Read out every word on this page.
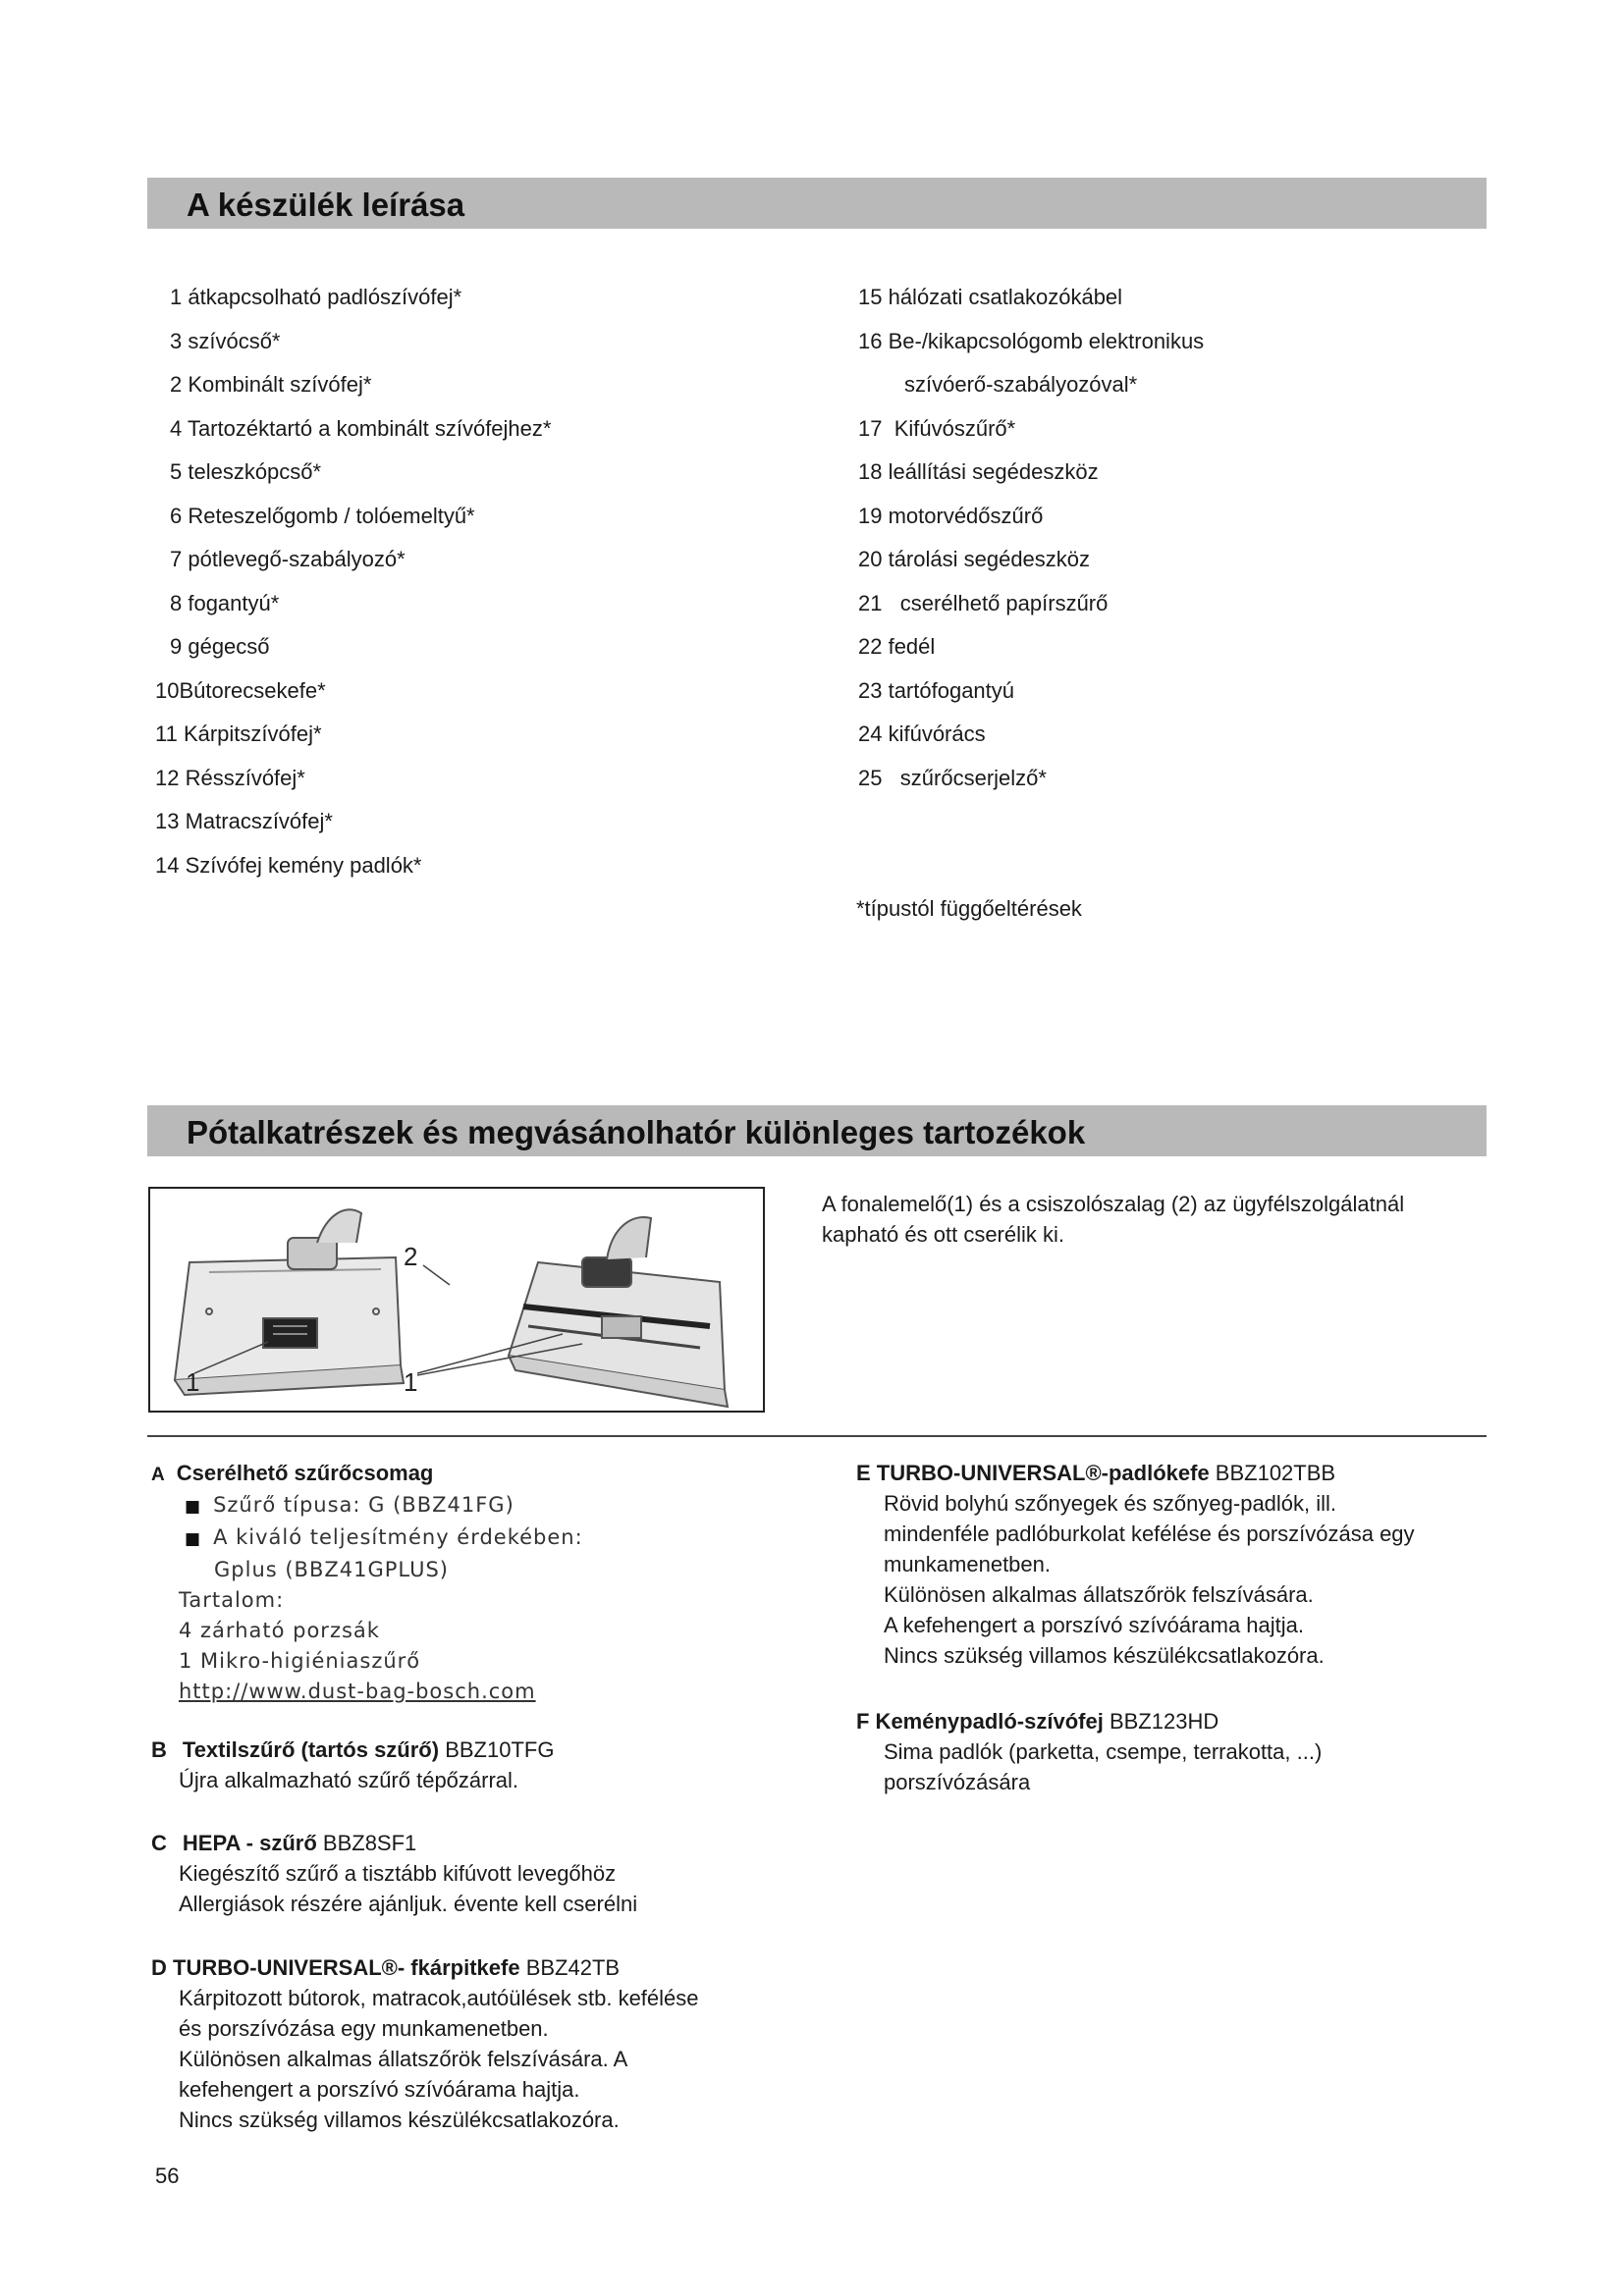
A készülék leírása
1 átkapcsolható padlószívófej*
3 szívócső*
2 Kombinált szívófej*
4 Tartozéktartó a kombinált szívófejhez*
5 teleszkópcső*
6 Reteszelőgomb / tolóemeltyű*
7 pótlevegő-szabályozó*
8 fogantyú*
9 gégecső
10Bútorecsekefe*
11 Kárpitszívófej*
12 Résszívófej*
13 Matracszívófej*
14 Szívófej kemény padlók*
15 hálózati csatlakozókábel
16 Be-/kikapcsológomb elektronikus
szívóerő-szabályozóval*
17  Kifúvószűrő*
18 leállítási segédeszköz
19 motorvédőszűrő
20 tárolási segédeszköz
21   cserélhető papírszűrő
22 fedél
23 tartófogantyú
24 kifúvórács
25   szűrőcserjelző*
*típustól függőeltérések
Pótalkatrészek és megvásánolhatór különleges tartozékok
1
2
1
A fonalemelő(1) és a csiszolószalag (2) az ügyfélszolgálatnál
kapható és ott cserélik ki.
A Cserélhető szűrőcsomag
■ Szűrő típusa: G (BBZ41FG)
■ A kiváló teljesítmény érdekében:
Gplus (BBZ41GPLUS)
Tartalom:
4 zárható porzsák
1 Mikro-higiéniaszűrő
http://www.dust-bag-bosch.com
B Textilszűrő (tartós szűrő) BBZ10TFG
Újra alkalmazható szűrő tépőzárral.
C HEPA - szűrő BBZ8SF1
Kiegészítő szűrő a tisztább kifúvott levegőhöz
Allergiások részére ajánljuk. évente kell cserélni
D TURBO-UNIVERSAL®- fkárpitkefe BBZ42TB
Kárpitozott bútorok, matracok,autóülések stb. kefélése
és porszívózása egy munkamenetben.
Különösen alkalmas állatszőrök felszívására. A
kefehengert a porszívó szívóárama hajtja.
Nincs szükség villamos készülékcsatlakozóra.
E TURBO-UNIVERSAL®-padlókefe BBZ102TBB
Rövid bolyhú szőnyegek és szőnyeg-padlók, ill.
mindenféle padlóburkolat kefélése és porszívózása egy
munkamenetben.
Különösen alkalmas állatszőrök felszívására.
A kefehengert a porszívó szívóárama hajtja.
Nincs szükség villamos készülékcsatlakozóra.
F Keménypadló-szívófej BBZ123HD
Sima padlók (parketta, csempe, terrakotta, ...)
porszívózására
56
